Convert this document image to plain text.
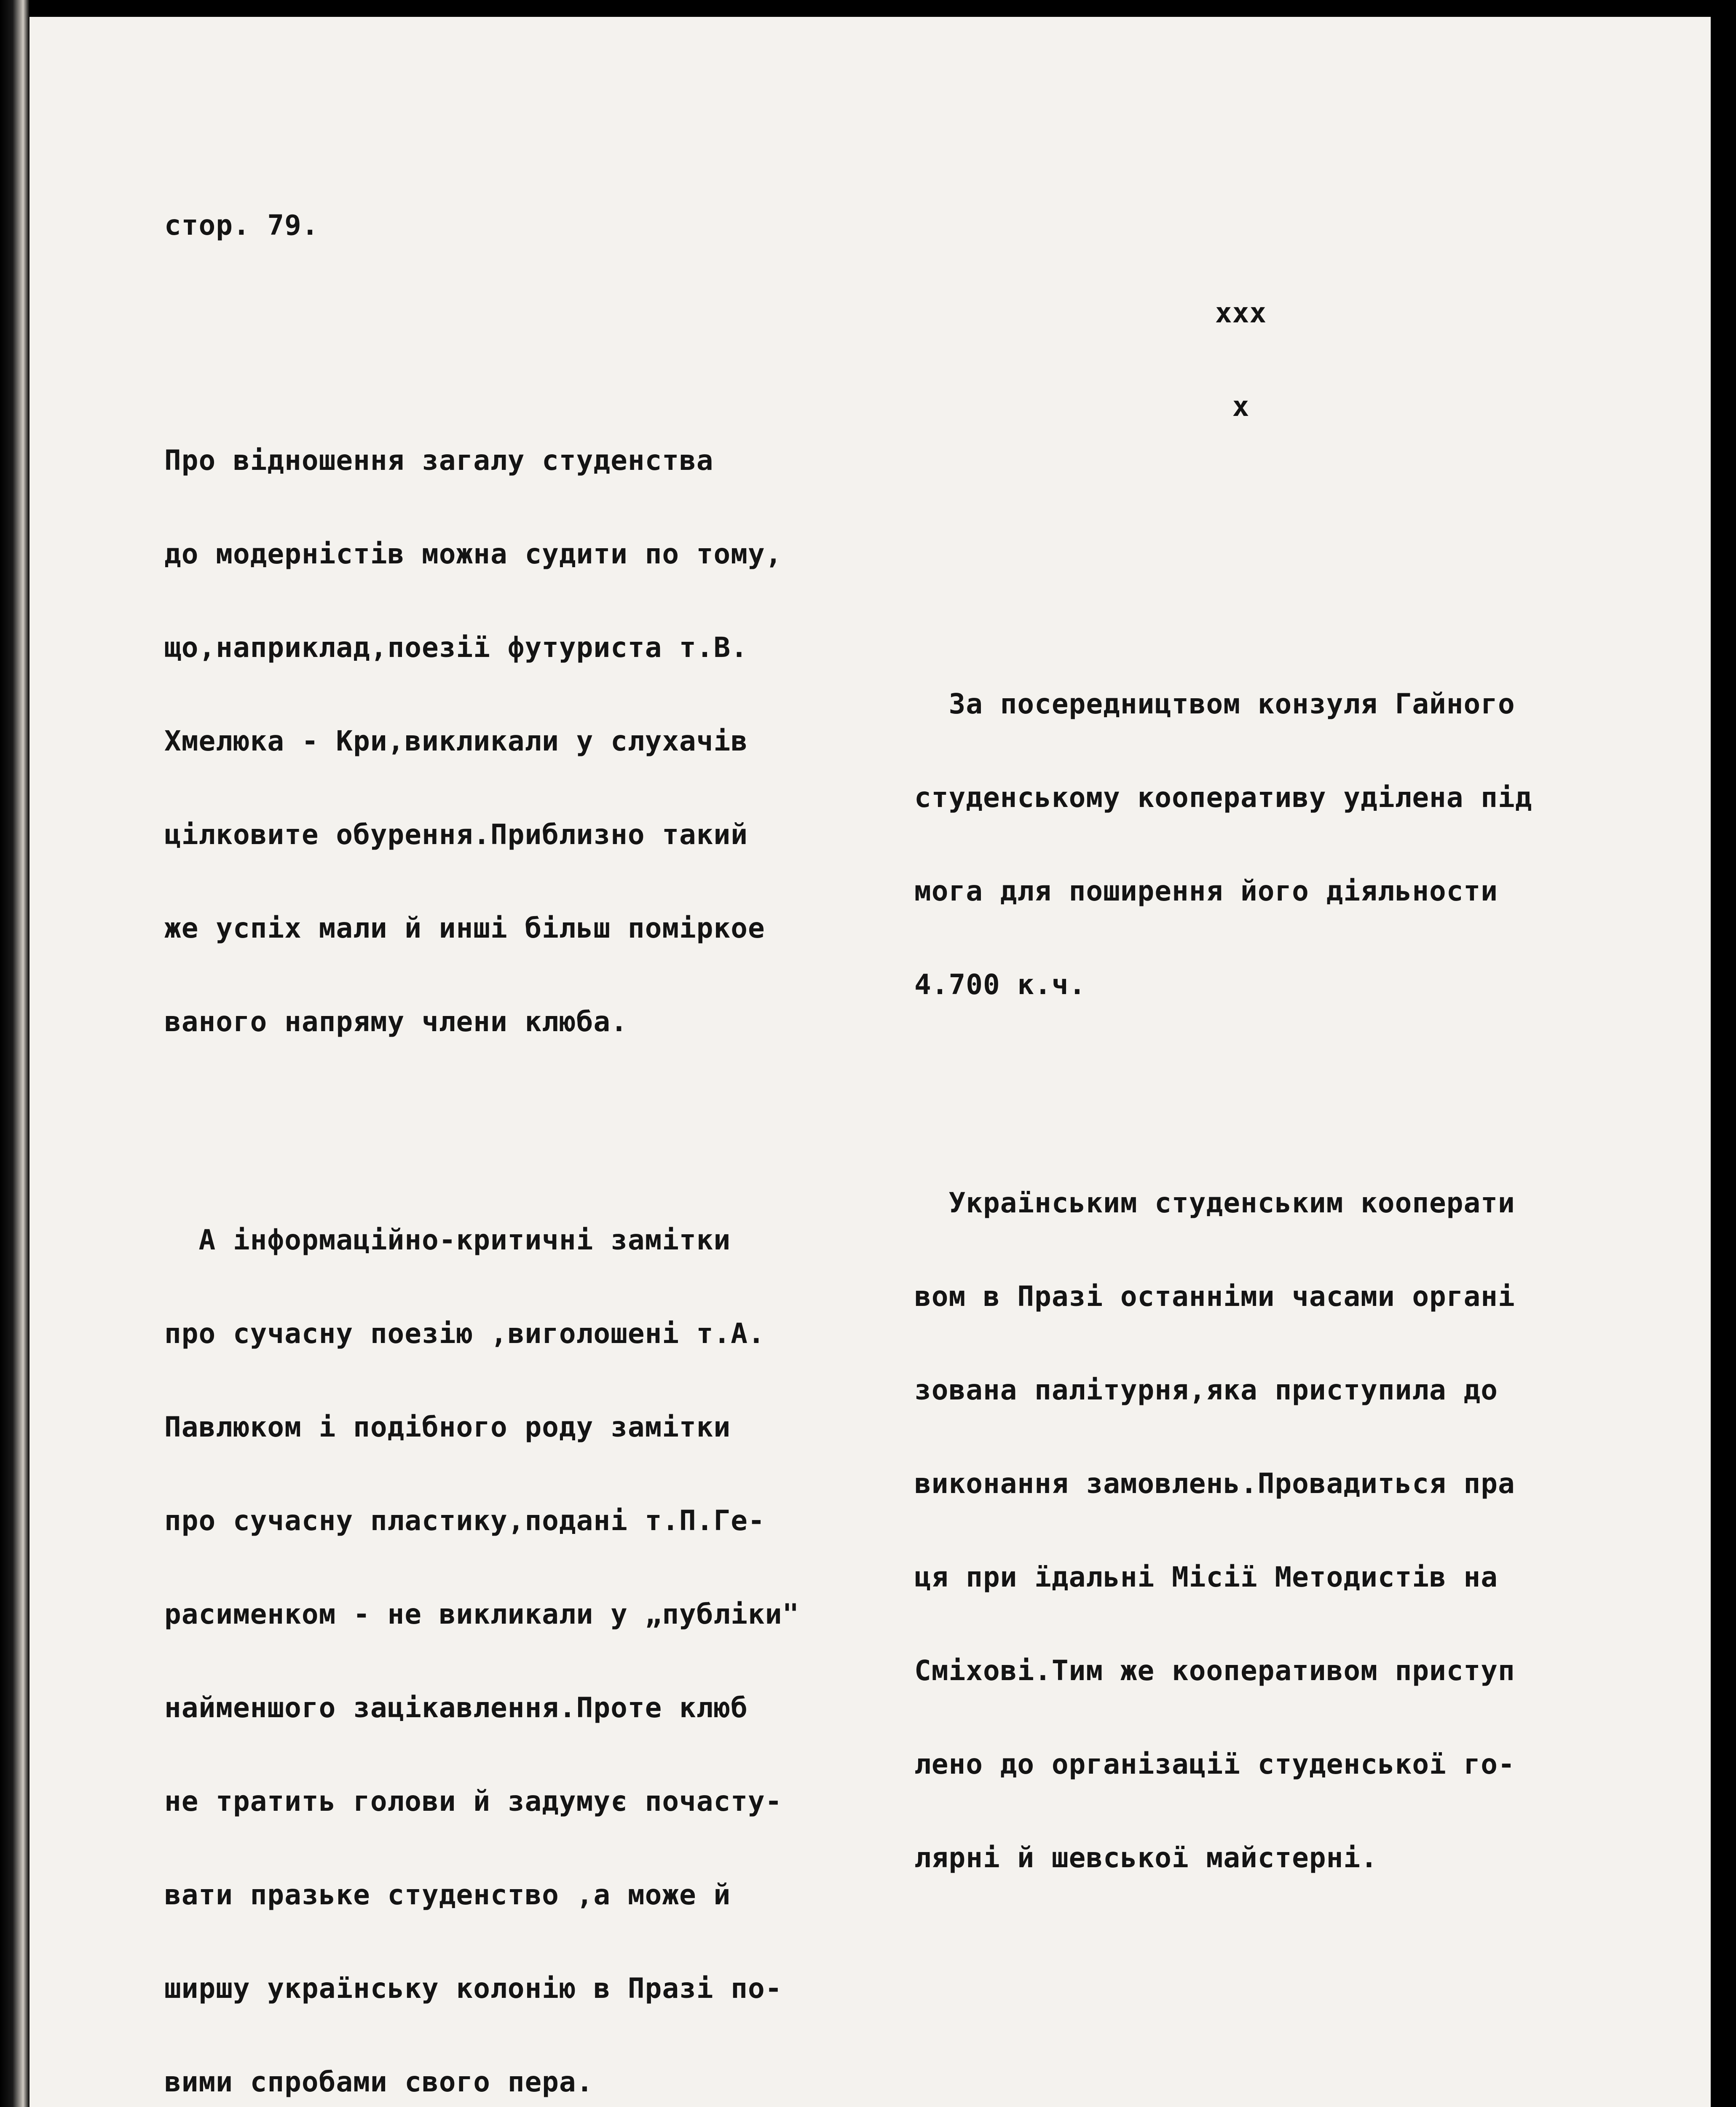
стор. 79.

Про відношення загалу студенства

до модерністів можна судити по тому,

що,наприклад,поезії футуриста т.В.

Хмелюка - Кри,викликали у слухачів

цілковите обурення.Приблизно такий

же успіх мали й инші більш поміркое

ваного напряму члени клюба.

А інформаційно-критичні замітки

про сучасну поезію ,виголошені т.А.

Павлюком і подібного роду замітки

про сучасну пластику,подані т.П.Ге-

расименком - не викликали у „публіки"

найменшого зацікавлення.Проте клюб

не тратить голови й задумує почасту-

вати празьке студенство ,а може й

ширшу українську колонію в Празі по-

вими спробами свого пера.

xxx

x

За посередництвом конзуля Гайного

студенському кооперативу уділена під

мога для поширення його діяльности

4.700 к.ч.

Українським студенським кооперати

вом в Празі останніми часами органі

зована палітурня,яка приступила до

виконання замовлень.Провадиться пра

ця при їдальні Місії Методистів на

Сміхові.Тим же кооперативом приступ

лено до організації студенської го-

лярні й шевської майстерні.
